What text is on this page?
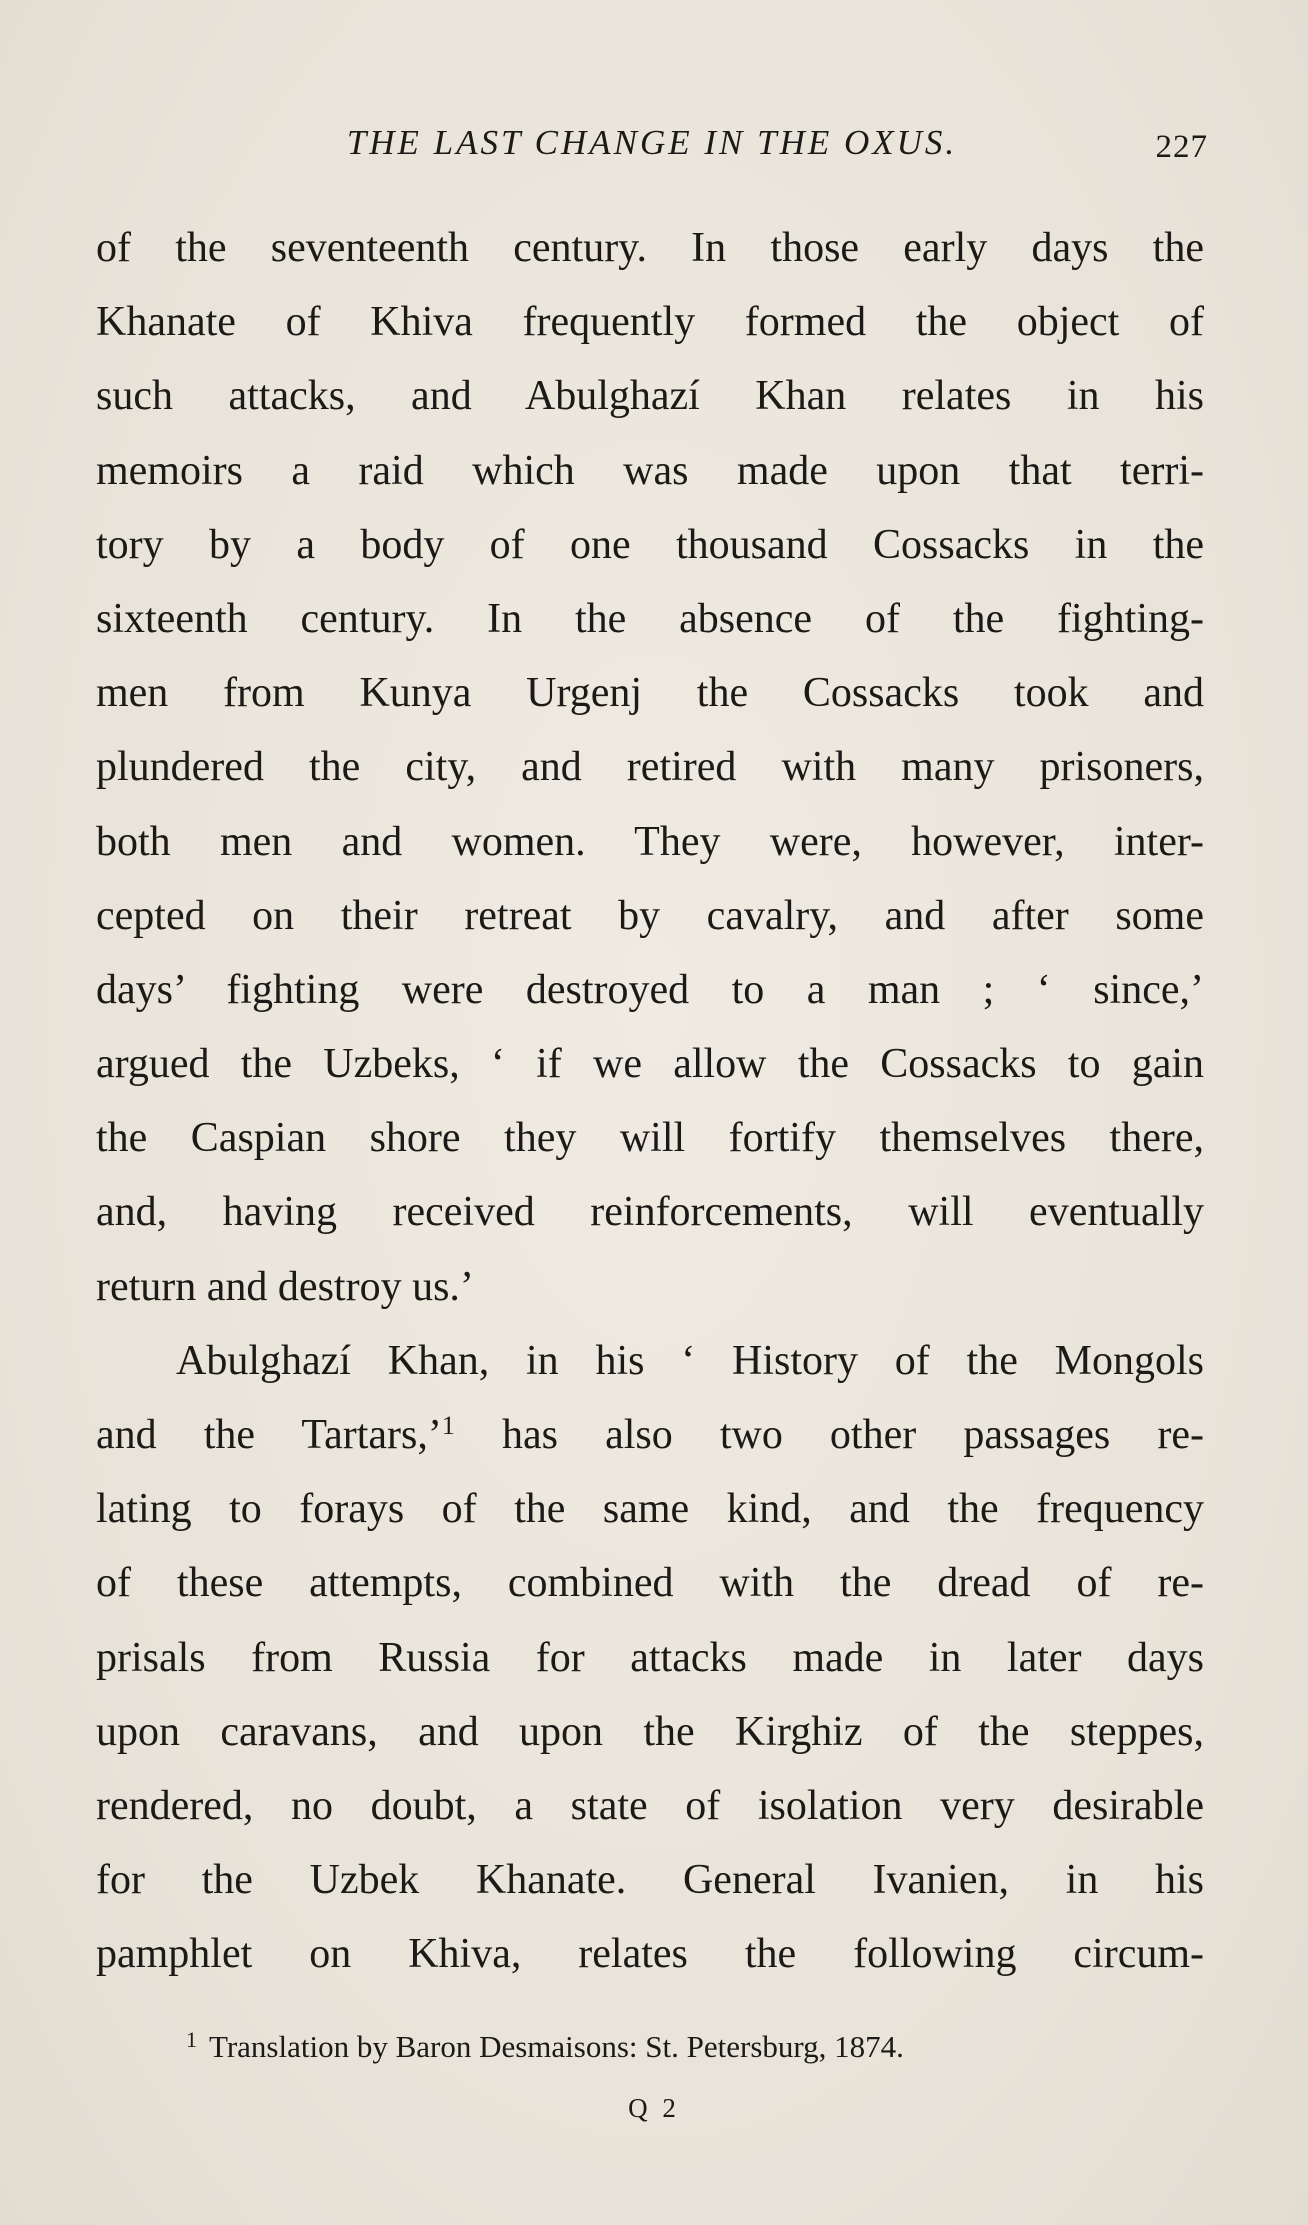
THE LAST CHANGE IN THE OXUS.	227
of the seventeenth century. In those early days the
Khanate of Khiva frequently formed the object of
such attacks, and Abulghazí Khan relates in his
memoirs a raid which was made upon that terri-
tory by a body of one thousand Cossacks in the
sixteenth century. In the absence of the fighting-
men from Kunya Urgenj the Cossacks took and
plundered the city, and retired with many prisoners,
both men and women. They were, however, inter-
cepted on their retreat by cavalry, and after some
days’ fighting were destroyed to a man ; ‘ since,’
argued the Uzbeks, ‘ if we allow the Cossacks to gain
the Caspian shore they will fortify themselves there,
and, having received reinforcements, will eventually
return and destroy us.’
Abulghazí Khan, in his ‘ History of the Mongols
and the Tartars,’$^1$ has also two other passages re-
lating to forays of the same kind, and the frequency
of these attempts, combined with the dread of re-
prisals from Russia for attacks made in later days
upon caravans, and upon the Kirghiz of the steppes,
rendered, no doubt, a state of isolation very desirable
for the Uzbek Khanate. General Ivanien, in his
pamphlet on Khiva, relates the following circum-
$^1$ Translation by Baron Desmaisons: St. Petersburg, 1874.
Q 2
